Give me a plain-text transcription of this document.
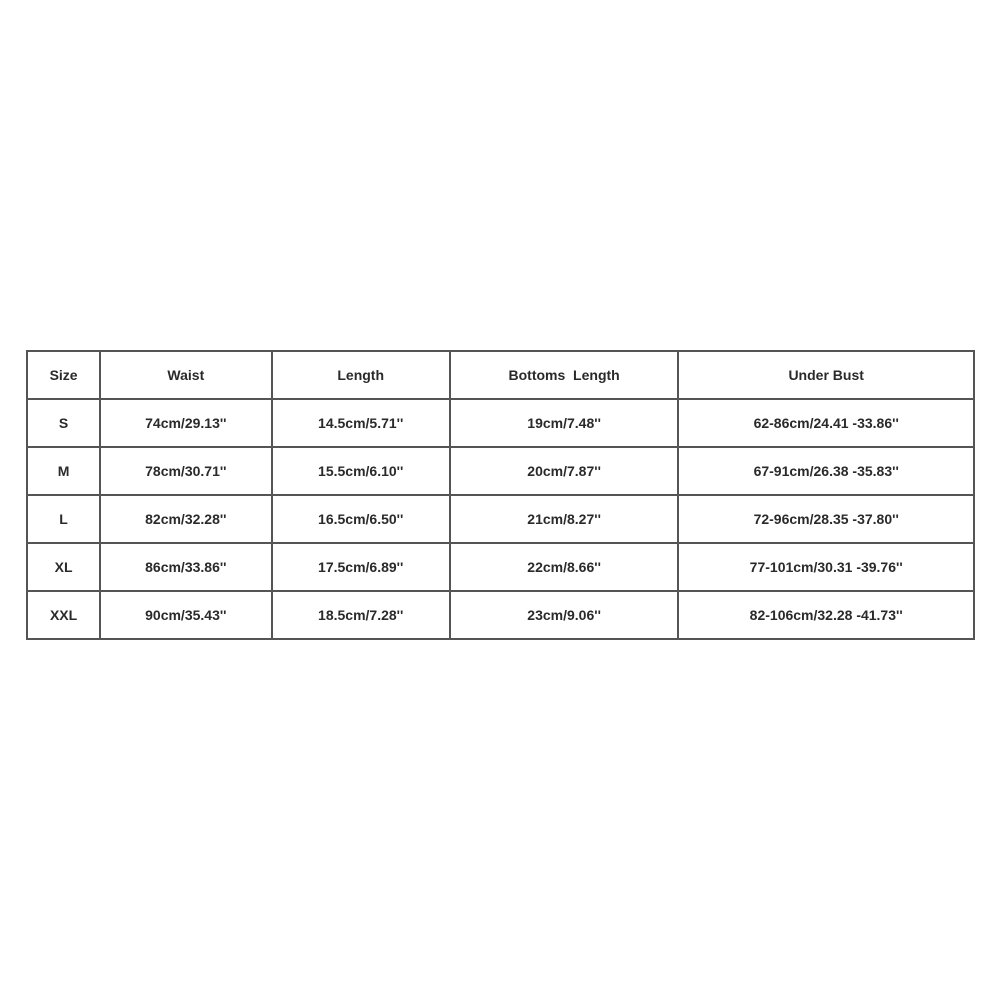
Size	Waist	Length	Bottoms  Length	Under Bust
S	74cm/29.13''	14.5cm/5.71''	19cm/7.48''	62-86cm/24.41 -33.86''
M	78cm/30.71''	15.5cm/6.10''	20cm/7.87''	67-91cm/26.38 -35.83''
L	82cm/32.28''	16.5cm/6.50''	21cm/8.27''	72-96cm/28.35 -37.80''
XL	86cm/33.86''	17.5cm/6.89''	22cm/8.66''	77-101cm/30.31 -39.76''
XXL	90cm/35.43''	18.5cm/7.28''	23cm/9.06''	82-106cm/32.28 -41.73''
